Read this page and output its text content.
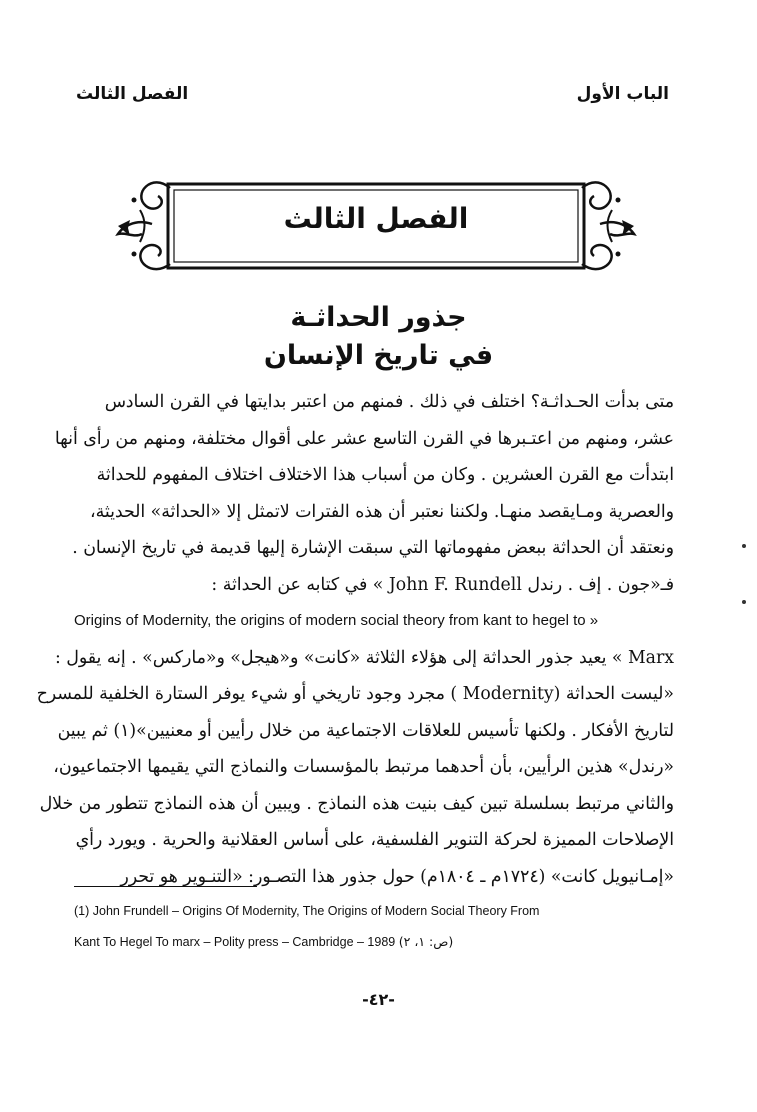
الباب الأول
الفصل الثالث
الفصل الثالث
جذور الحداثـة
في تاريخ الإنسان
متى بدأت الحـداثـة؟ اختلف في ذلك . فمنهم من اعتبر بدايتها في القرن السادس
عشر، ومنهم من اعتـبرها في القرن التاسع عشر على أقوال مختلفة، ومنهم من رأى أنها
ابتدأت مع القرن العشرين . وكان من أسباب هذا الاختلاف اختلاف المفهوم للحداثة
والعصرية ومـايقصد منهـا. ولكننا نعتبر أن هذه الفترات لاتمثل إلا «الحداثة» الحديثة،
ونعتقد أن الحداثة ببعض مفهوماتها التي سبقت الإشارة إليها قديمة في تاريخ الإنسان .
فـ«جون . إف . رندل John F. Rundell » في كتابه عن الحداثة :
Origins of Modernity, the origins of modern social theory from kant to hegel to »
Marx » يعيد جذور الحداثة إلى هؤلاء الثلاثة «كانت» و«هيجل» و«ماركس» . إنه يقول :
«ليست الحداثة (Modernity ) مجرد وجود تاريخي أو شيء يوفر الستارة الخلفية للمسرح
لتاريخ الأفكار . ولكنها تأسيس للعلاقات الاجتماعية من خلال رأيين أو معنيين»(١) ثم يبين
«رندل» هذين الرأيين، بأن أحدهما مرتبط بالمؤسسات والنماذج التي يقيمها الاجتماعيون،
والثاني مرتبط بسلسلة تبين كيف بنيت هذه النماذج . ويبين أن هذه النماذج تتطور من خلال
الإصلاحات المميزة لحركة التنوير الفلسفية، على أساس العقلانية والحرية . ويورد رأي
«إمـانيويل كانت» (١٧٢٤م ـ ١٨٠٤م) حول جذور هذا التصـور: «التنـوير هو تحرر
(1) John Frundell – Origins Of Modernity, The Origins of Modern Social Theory From
Kant To Hegel To marx – Polity press – Cambridge – 1989 (ص: ١، ٢)
-٤٢-
